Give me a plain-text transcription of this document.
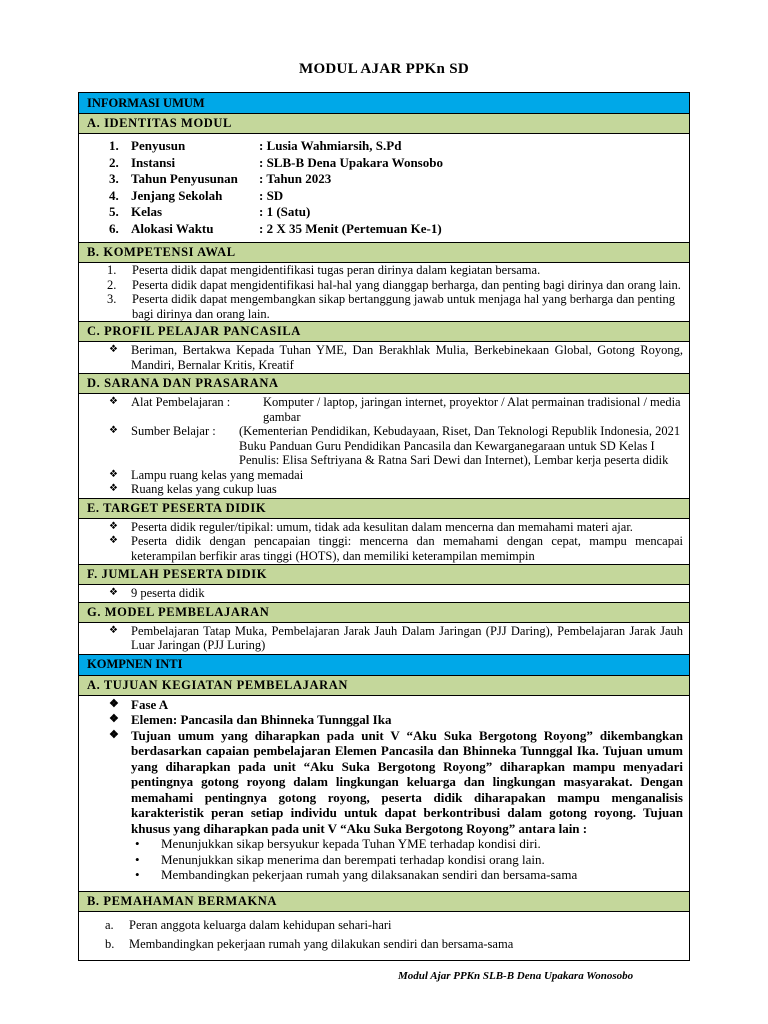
MODUL AJAR PPKn SD
INFORMASI UMUM
A. IDENTITAS MODUL
1. Penyusun	: Lusia Wahmiarsih, S.Pd
2. Instansi	: SLB-B Dena Upakara Wonsobo
3. Tahun Penyusunan	: Tahun 2023
4. Jenjang Sekolah	: SD
5. Kelas	: 1 (Satu)
6. Alokasi Waktu	: 2 X 35 Menit (Pertemuan Ke-1)
B. KOMPETENSI AWAL
1.	Peserta didik dapat mengidentifikasi tugas peran dirinya dalam kegiatan bersama.
2.	Peserta didik dapat mengidentifikasi hal-hal yang dianggap berharga, dan penting bagi dirinya dan orang lain.
3.	Peserta didik dapat mengembangkan sikap bertanggung jawab untuk menjaga hal yang berharga dan penting bagi dirinya dan orang lain.
C. PROFIL PELAJAR PANCASILA
❖	Beriman, Bertakwa Kepada Tuhan YME, Dan Berakhlak Mulia, Berkebinekaan Global, Gotong Royong, Mandiri, Bernalar Kritis, Kreatif
D. SARANA DAN PRASARANA
❖	Alat Pembelajaran :	Komputer / laptop, jaringan internet, proyektor / Alat permainan tradisional / media gambar
❖	Sumber Belajar :	(Kementerian Pendidikan, Kebudayaan, Riset, Dan Teknologi Republik Indonesia, 2021 Buku Panduan Guru Pendidikan Pancasila dan Kewarganegaraan untuk SD Kelas I Penulis: Elisa Seftriyana & Ratna Sari Dewi dan Internet), Lembar kerja peserta didik
❖	Lampu ruang kelas yang memadai
❖	Ruang kelas yang cukup luas
E. TARGET PESERTA DIDIK
❖	Peserta didik reguler/tipikal: umum, tidak ada kesulitan dalam mencerna dan memahami materi ajar.
❖	Peserta didik dengan pencapaian tinggi: mencerna dan memahami dengan cepat, mampu mencapai keterampilan berfikir aras tinggi (HOTS), dan memiliki keterampilan memimpin
F. JUMLAH PESERTA DIDIK
❖	9 peserta didik
G. MODEL PEMBELAJARAN
❖	Pembelajaran Tatap Muka, Pembelajaran Jarak Jauh Dalam Jaringan (PJJ Daring), Pembelajaran Jarak Jauh Luar Jaringan (PJJ Luring)
KOMPNEN INTI
A. TUJUAN KEGIATAN PEMBELAJARAN
❖ Fase A
❖ Elemen: Pancasila dan Bhinneka Tunnggal Ika
❖ Tujuan umum yang diharapkan pada unit V “Aku Suka Bergotong Royong” dikembangkan berdasarkan capaian pembelajaran Elemen Pancasila dan Bhinneka Tunnggal Ika. Tujuan umum yang diharapkan pada unit “Aku Suka Bergotong Royong” diharapkan mampu menyadari pentingnya gotong royong dalam lingkungan keluarga dan lingkungan masyarakat. Dengan memahami pentingnya gotong royong, peserta didik diharapakan mampu menganalisis karakteristik peran setiap individu untuk dapat berkontribusi dalam gotong royong. Tujuan khusus yang diharapkan pada unit V “Aku Suka Bergotong Royong” antara lain :
•	Menunjukkan sikap bersyukur kepada Tuhan YME terhadap kondisi diri.
•	Menunjukkan sikap menerima dan berempati terhadap kondisi orang lain.
•	Membandingkan pekerjaan rumah yang dilaksanakan sendiri dan bersama-sama
B. PEMAHAMAN BERMAKNA
a.	Peran anggota keluarga dalam kehidupan sehari-hari
b.	Membandingkan pekerjaan rumah yang dilakukan sendiri dan bersama-sama
Modul Ajar PPKn SLB-B Dena Upakara Wonosobo
